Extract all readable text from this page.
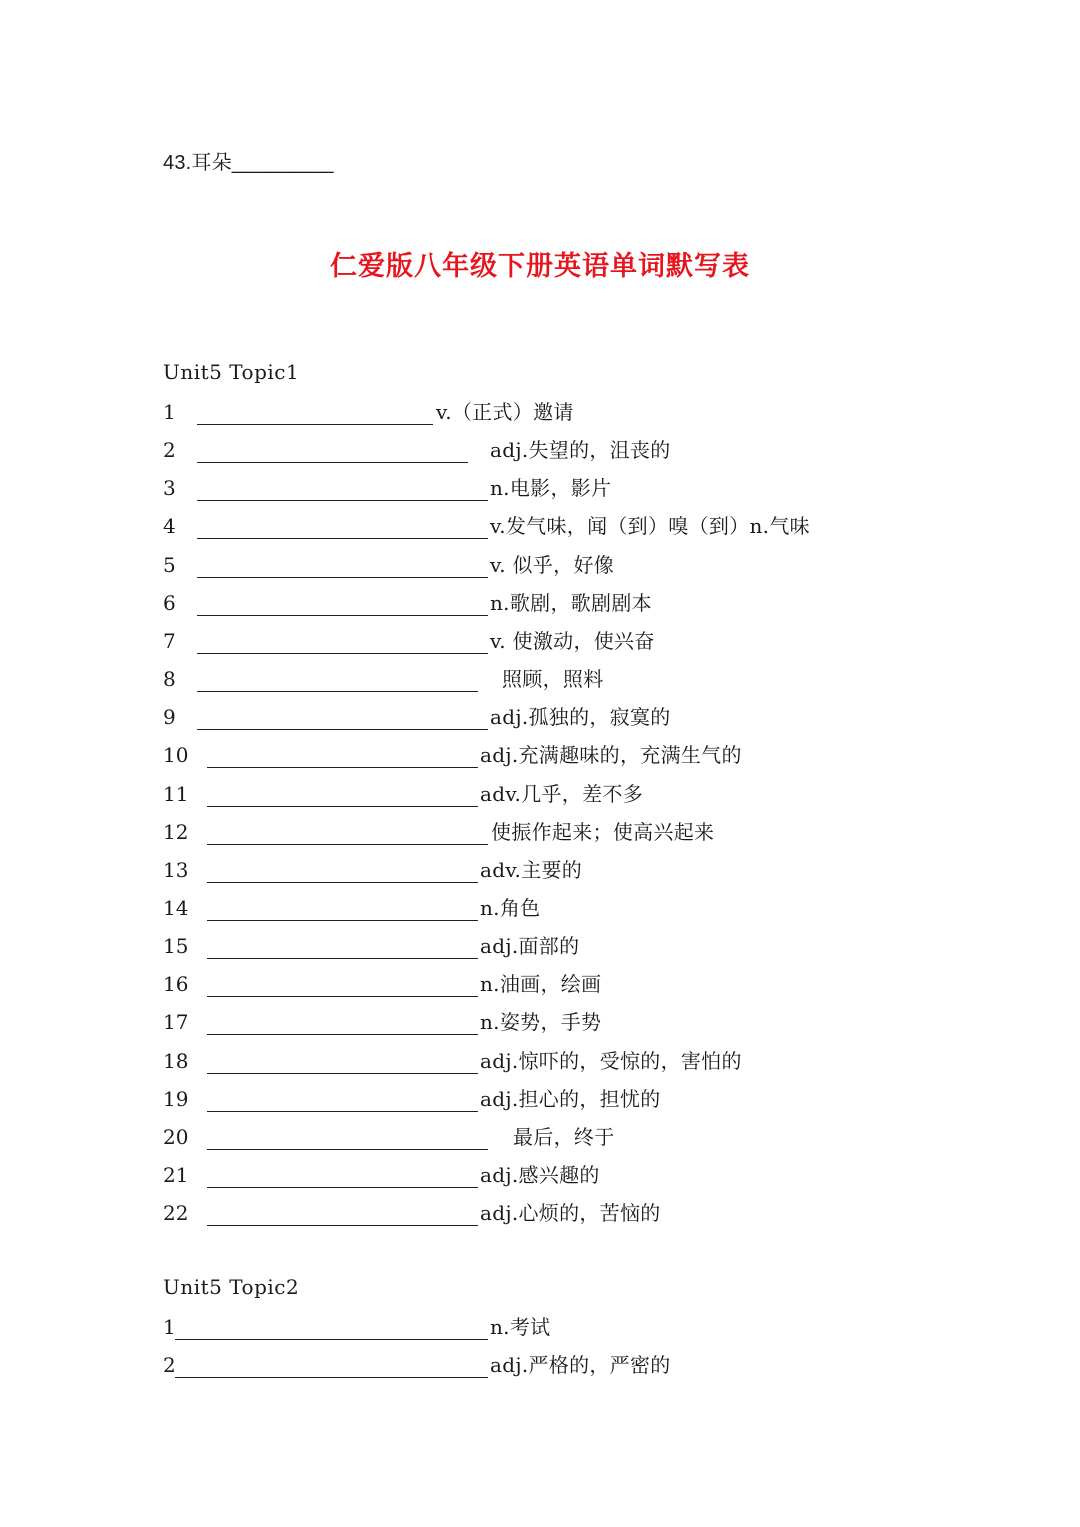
43.耳朵_________
仁爱版八年级下册英语单词默写表
Unit5 Topic1
1	v.（正式）邀请
2	adj.失望的，沮丧的
3	n.电影，影片
4	v.发气味，闻（到）嗅（到）n.气味
5	v. 似乎，好像
6	n.歌剧，歌剧剧本
7	v. 使激动，使兴奋
8	照顾，照料
9	adj.孤独的，寂寞的
10	adj.充满趣味的，充满生气的
11	adv.几乎，差不多
12	使振作起来；使高兴起来
13	adv.主要的
14	n.角色
15	adj.面部的
16	n.油画，绘画
17	n.姿势，手势
18	adj.惊吓的，受惊的，害怕的
19	adj.担心的，担忧的
20	最后，终于
21	adj.感兴趣的
22	adj.心烦的，苦恼的
Unit5 Topic2
1	n.考试
2	adj.严格的，严密的
